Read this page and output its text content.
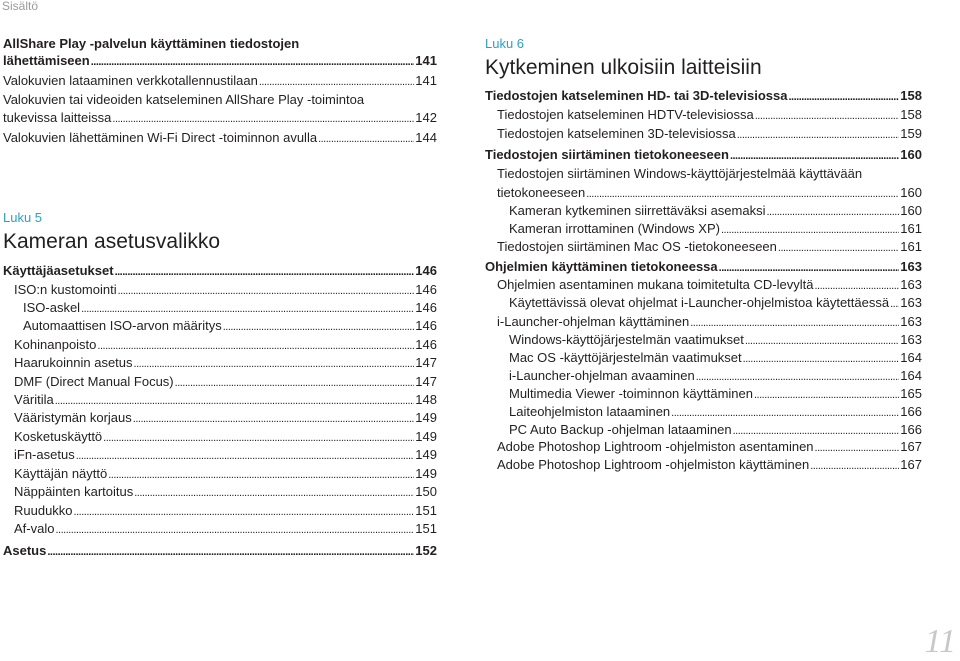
Sisältö
11
AllShare Play -palvelun käyttäminen tiedostojen
lähettämiseen .....	141
Valokuvien lataaminen verkkotallennustilaan .....	141
Valokuvien tai videoiden katseleminen AllShare Play -toimintoa
tukevissa laitteissa .....	142
Valokuvien lähettäminen Wi-Fi Direct -toiminnon avulla .....	144
Luku 5
Kameran asetusvalikko
Käyttäjäasetukset .....	146
ISO:n kustomointi .....	146
ISO-askel .....	146
Automaattisen ISO-arvon määritys .....	146
Kohinanpoisto .....	146
Haarukoinnin asetus .....	147
DMF (Direct Manual Focus) .....	147
Väritila .....	148
Vääristymän korjaus .....	149
Kosketuskäyttö .....	149
iFn-asetus .....	149
Käyttäjän näyttö .....	149
Näppäinten kartoitus .....	150
Ruudukko .....	151
Af-valo .....	151
Asetus .....	152
Luku 6
Kytkeminen ulkoisiin laitteisiin
Tiedostojen katseleminen HD- tai 3D-televisiossa .....	158
Tiedostojen katseleminen HDTV-televisiossa .....	158
Tiedostojen katseleminen 3D-televisiossa .....	159
Tiedostojen siirtäminen tietokoneeseen .....	160
Tiedostojen siirtäminen Windows-käyttöjärjestelmää käyttävään
tietokoneeseen .....	160
Kameran kytkeminen siirrettäväksi asemaksi .....	160
Kameran irrottaminen (Windows XP) .....	161
Tiedostojen siirtäminen Mac OS -tietokoneeseen .....	161
Ohjelmien käyttäminen tietokoneessa .....	163
Ohjelmien asentaminen mukana toimitetulta CD-levyltä .....	163
Käytettävissä olevat ohjelmat i-Launcher-ohjelmistoa käytettäessä ..... 163
i-Launcher-ohjelman käyttäminen .....	163
Windows-käyttöjärjestelmän vaatimukset .....	163
Mac OS -käyttöjärjestelmän vaatimukset .....	164
i-Launcher-ohjelman avaaminen .....	164
Multimedia Viewer -toiminnon käyttäminen .....	165
Laiteohjelmiston lataaminen .....	166
PC Auto Backup -ohjelman lataaminen .....	166
Adobe Photoshop Lightroom -ohjelmiston asentaminen .....	167
Adobe Photoshop Lightroom -ohjelmiston käyttäminen .....	167
